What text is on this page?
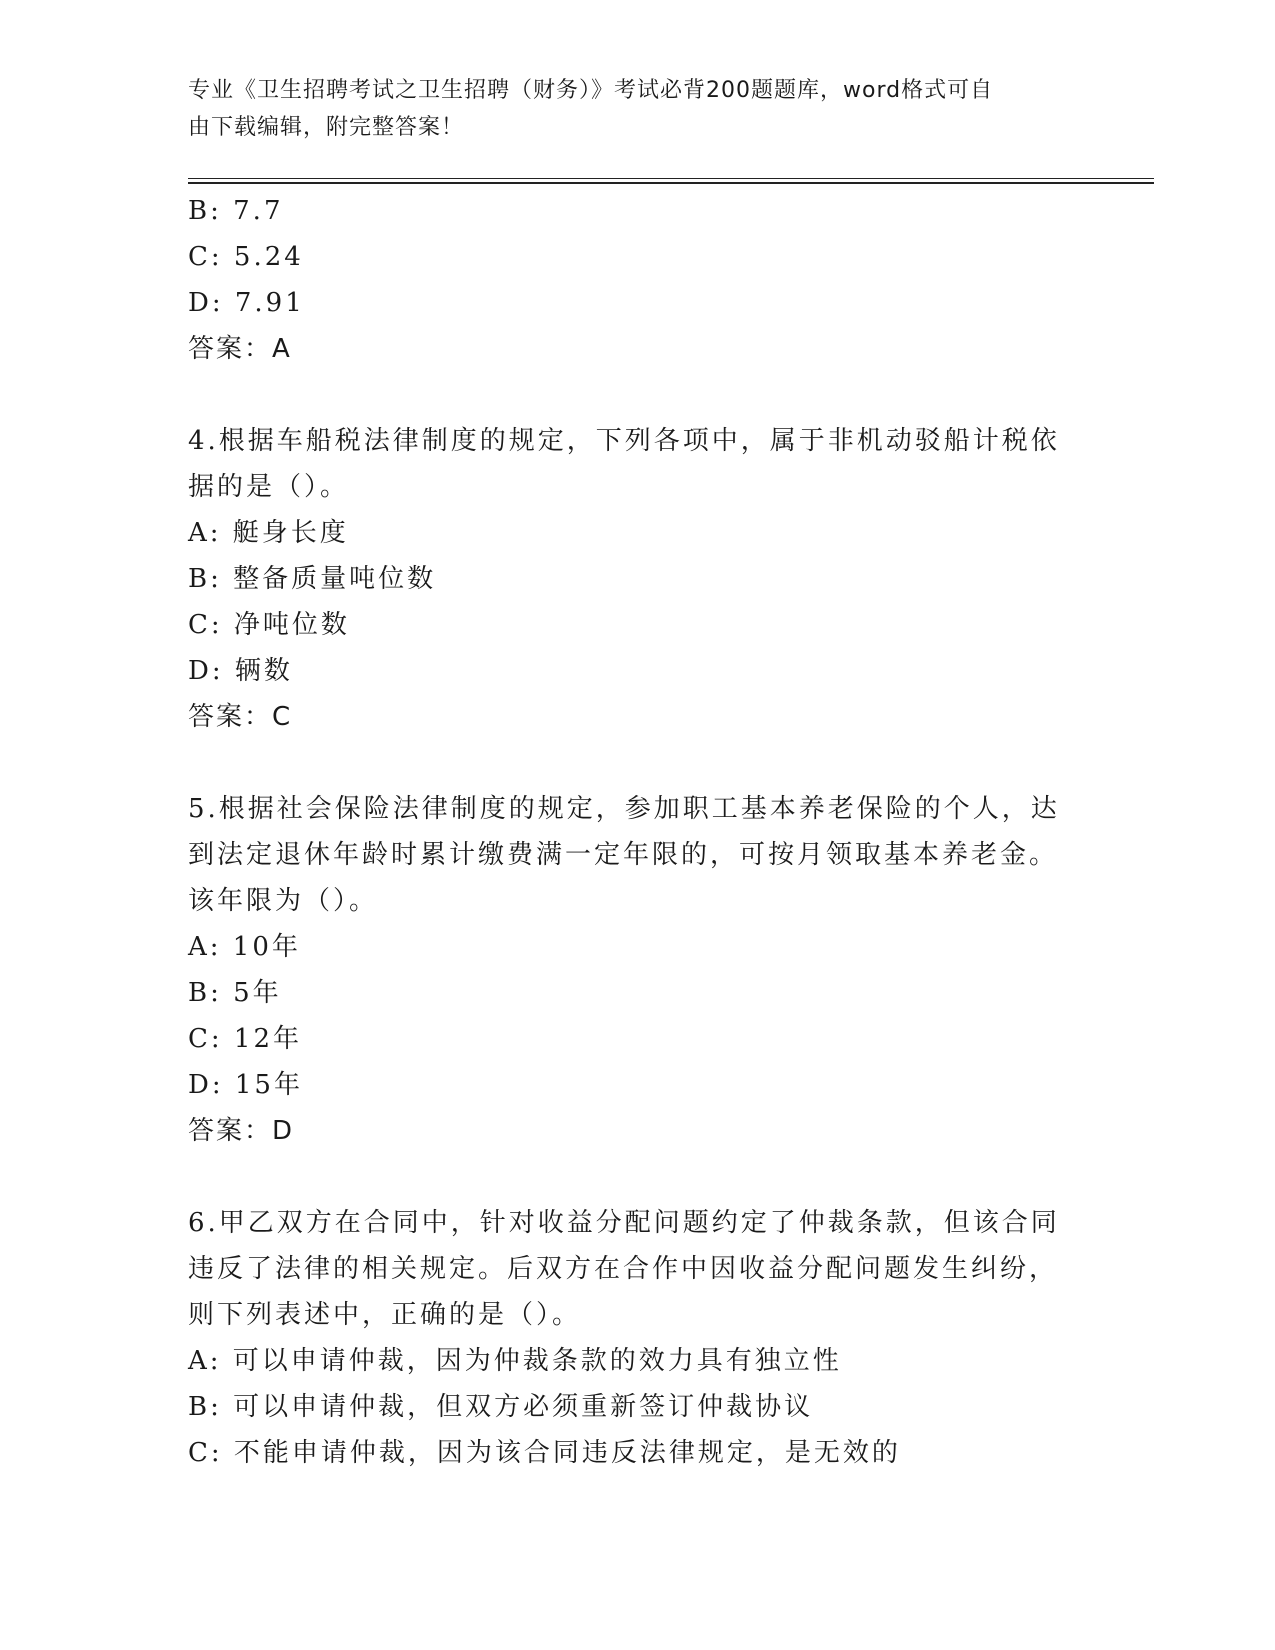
专业《卫生招聘考试之卫生招聘（财务）》考试必背200题题库，word格式可自
由下载编辑，附完整答案！
B: 7.7
C: 5.24
D: 7.91
答案：A
4.根据车船税法律制度的规定，下列各项中，属于非机动驳船计税依
据的是（）。
A: 艇身长度
B: 整备质量吨位数
C: 净吨位数
D: 辆数
答案：C
5.根据社会保险法律制度的规定，参加职工基本养老保险的个人，达
到法定退休年龄时累计缴费满一定年限的，可按月领取基本养老金。
该年限为（）。
A: 10年
B: 5年
C: 12年
D: 15年
答案：D
6.甲乙双方在合同中，针对收益分配问题约定了仲裁条款，但该合同
违反了法律的相关规定。后双方在合作中因收益分配问题发生纠纷，
则下列表述中，正确的是（）。
A: 可以申请仲裁，因为仲裁条款的效力具有独立性
B: 可以申请仲裁，但双方必须重新签订仲裁协议
C: 不能申请仲裁，因为该合同违反法律规定，是无效的
